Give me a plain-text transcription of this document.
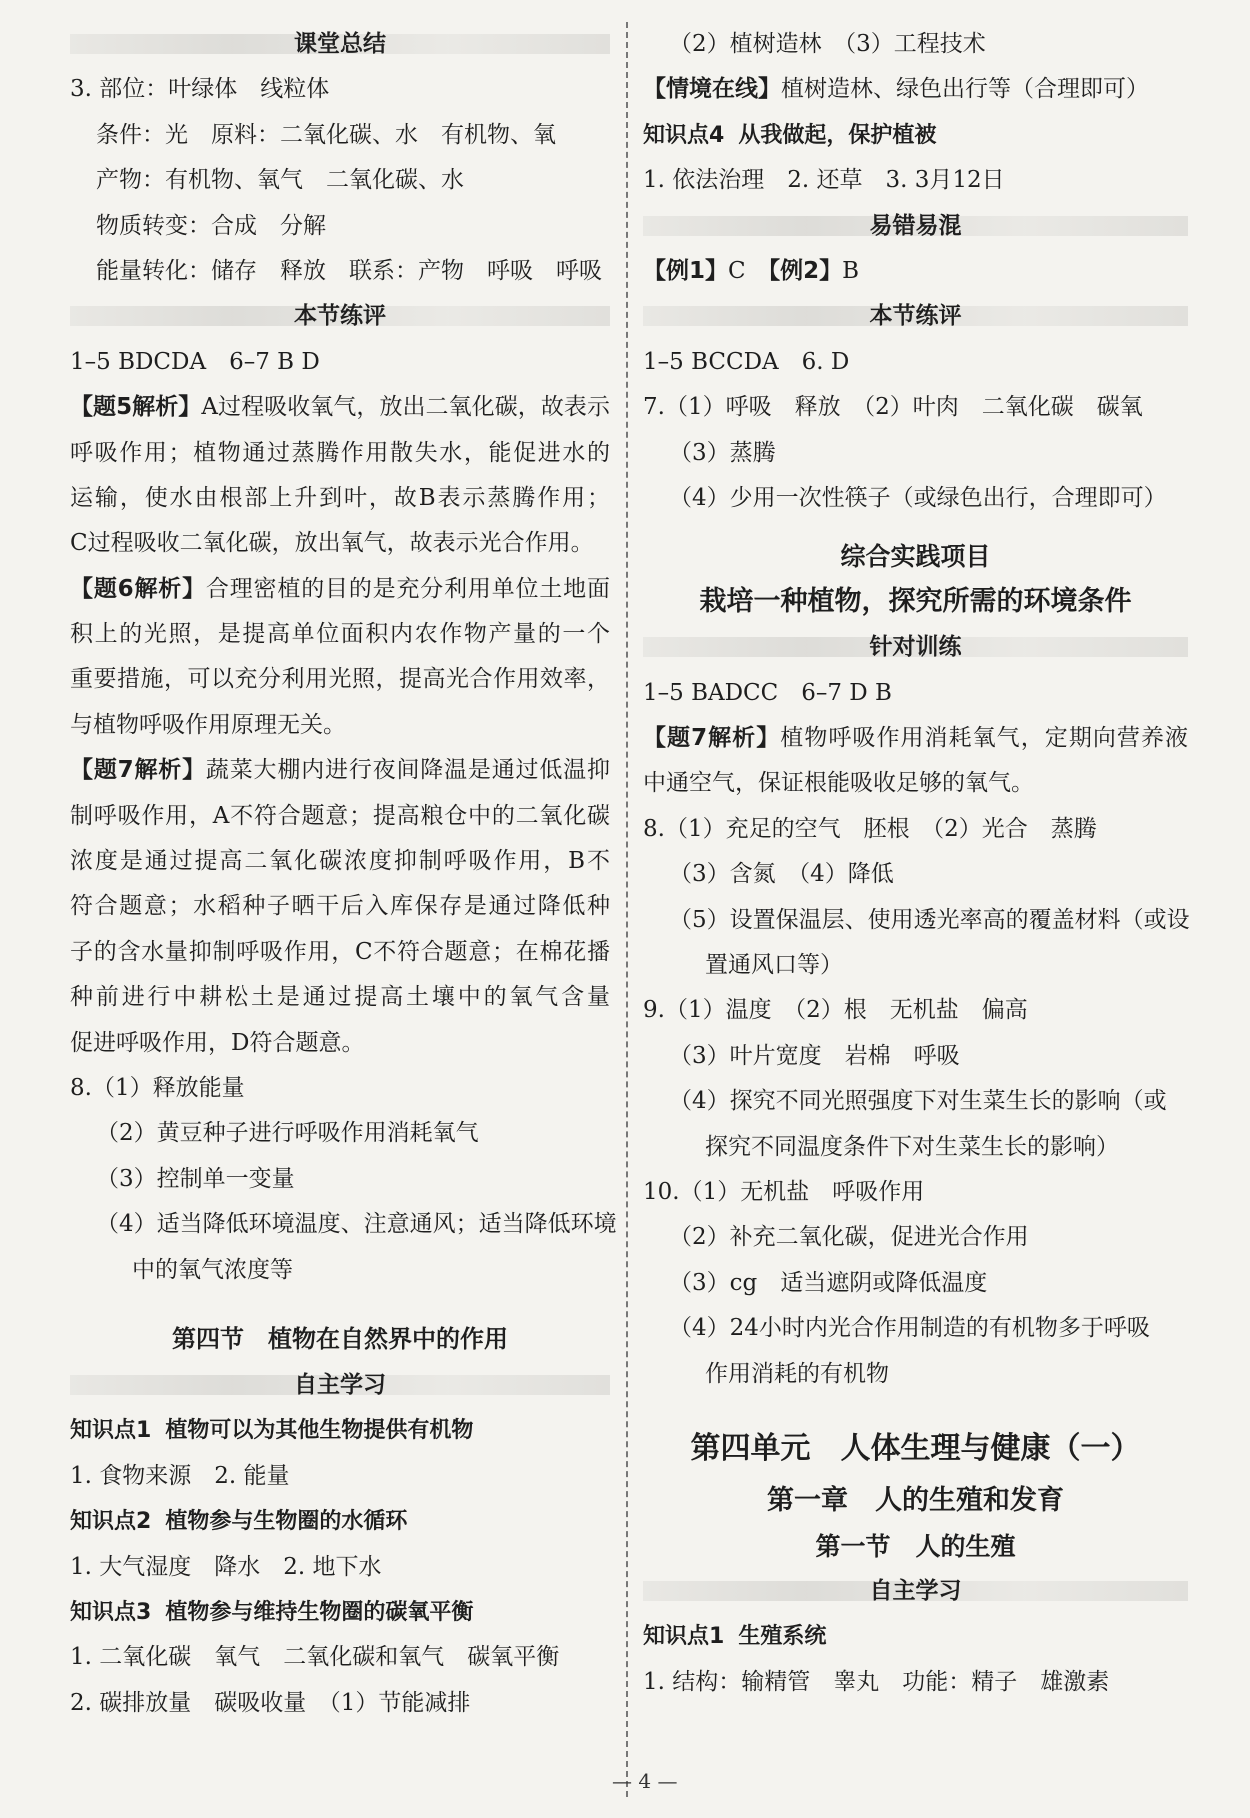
课堂总结
3. 部位：叶绿体　线粒体
条件：光　原料：二氧化碳、水　有机物、氧
产物：有机物、氧气　二氧化碳、水
物质转变：合成　分解
能量转化：储存　释放　联系：产物　呼吸　呼吸
本节练评
1–5 BDCDA　6–7 B D
【题5解析】A过程吸收氧气，放出二氧化碳，故表示
呼吸作用；植物通过蒸腾作用散失水，能促进水的
运输，使水由根部上升到叶，故B表示蒸腾作用；
C过程吸收二氧化碳，放出氧气，故表示光合作用。
【题6解析】合理密植的目的是充分利用单位土地面
积上的光照，是提高单位面积内农作物产量的一个
重要措施，可以充分利用光照，提高光合作用效率，
与植物呼吸作用原理无关。
【题7解析】蔬菜大棚内进行夜间降温是通过低温抑
制呼吸作用，A不符合题意；提高粮仓中的二氧化碳
浓度是通过提高二氧化碳浓度抑制呼吸作用，B不
符合题意；水稻种子晒干后入库保存是通过降低种
子的含水量抑制呼吸作用，C不符合题意；在棉花播
种前进行中耕松土是通过提高土壤中的氧气含量
促进呼吸作用，D符合题意。
8.（1）释放能量
（2）黄豆种子进行呼吸作用消耗氧气
（3）控制单一变量
（4）适当降低环境温度、注意通风；适当降低环境
中的氧气浓度等
第四节　植物在自然界中的作用
自主学习
知识点1 植物可以为其他生物提供有机物
1. 食物来源　2. 能量
知识点2 植物参与生物圈的水循环
1. 大气湿度　降水　2. 地下水
知识点3 植物参与维持生物圈的碳氧平衡
1. 二氧化碳　氧气　二氧化碳和氧气　碳氧平衡
2. 碳排放量　碳吸收量　（1）节能减排
（2）植树造林　（3）工程技术
【情境在线】植树造林、绿色出行等（合理即可）
知识点4 从我做起，保护植被
1. 依法治理　2. 还草　3. 3月12日
易错易混
【例1】C　【例2】B
本节练评
1–5 BCCDA　6. D
7.（1）呼吸　释放　（2）叶肉　二氧化碳　碳氧
（3）蒸腾
（4）少用一次性筷子（或绿色出行，合理即可）
综合实践项目
栽培一种植物，探究所需的环境条件
针对训练
1–5 BADCC　6–7 D B
【题7解析】植物呼吸作用消耗氧气，定期向营养液
中通空气，保证根能吸收足够的氧气。
8.（1）充足的空气　胚根　（2）光合　蒸腾
（3）含氮　（4）降低
（5）设置保温层、使用透光率高的覆盖材料（或设
置通风口等）
9.（1）温度　（2）根　无机盐　偏高
（3）叶片宽度　岩棉　呼吸
（4）探究不同光照强度下对生菜生长的影响（或
探究不同温度条件下对生菜生长的影响）
10.（1）无机盐　呼吸作用
（2）补充二氧化碳，促进光合作用
（3）cg　适当遮阴或降低温度
（4）24小时内光合作用制造的有机物多于呼吸
作用消耗的有机物
第四单元　人体生理与健康（一）
第一章　人的生殖和发育
第一节　人的生殖
自主学习
知识点1 生殖系统
1. 结构：输精管　睾丸　功能：精子　雄激素
— 4 —
